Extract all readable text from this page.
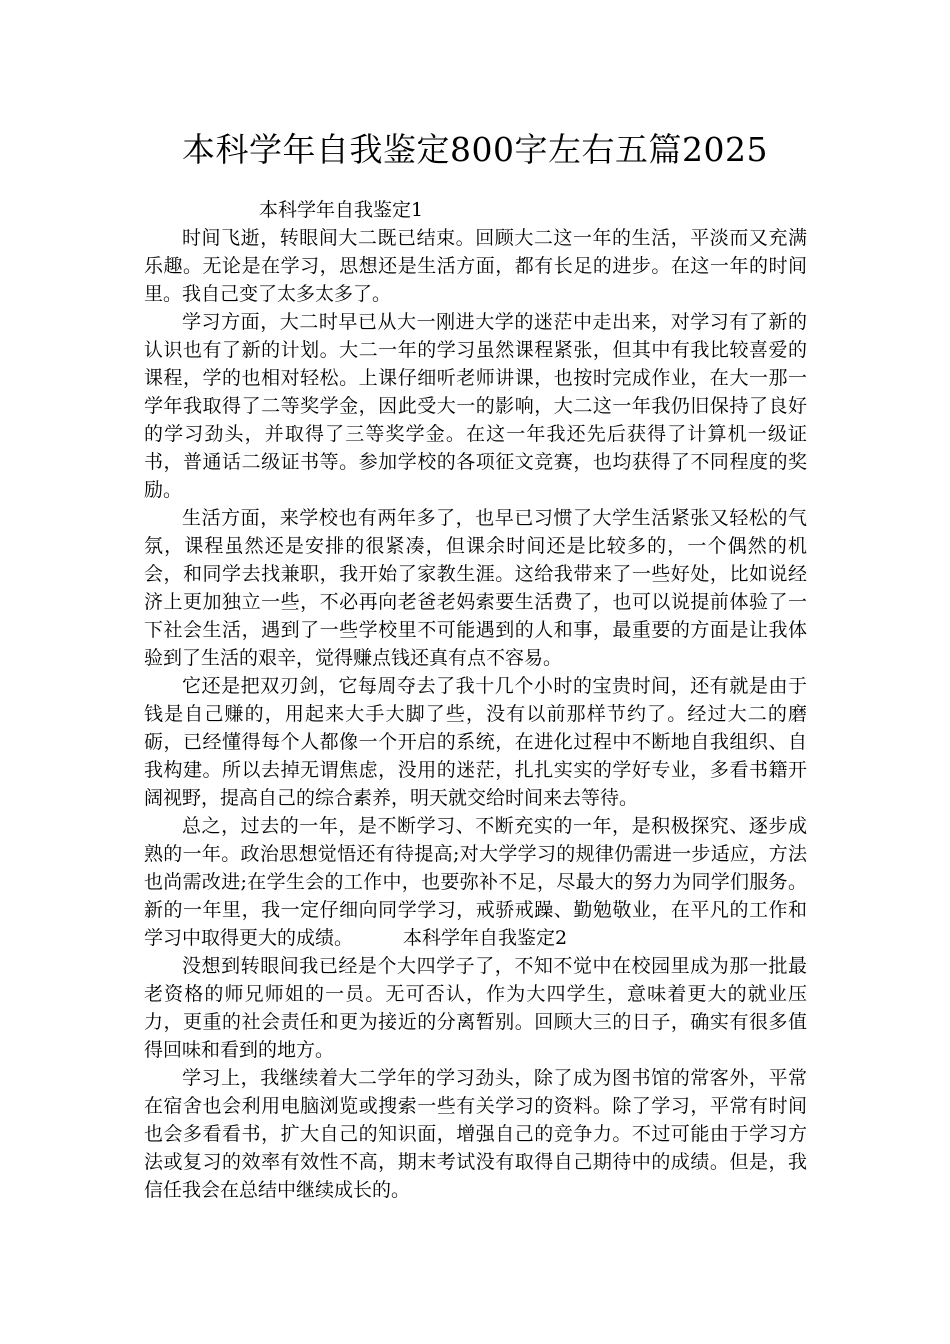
本科学年自我鉴定800字左右五篇2025

本科学年自我鉴定1

时间飞逝，转眼间大二既已结束。回顾大二这一年的生活，平淡而又充满乐趣。无论是在学习，思想还是生活方面，都有长足的进步。在这一年的时间里。我自己变了太多太多了。

学习方面，大二时早已从大一刚进大学的迷茫中走出来，对学习有了新的认识也有了新的计划。大二一年的学习虽然课程紧张，但其中有我比较喜爱的课程，学的也相对轻松。上课仔细听老师讲课，也按时完成作业，在大一那一学年我取得了二等奖学金，因此受大一的影响，大二这一年我仍旧保持了良好的学习劲头，并取得了三等奖学金。在这一年我还先后获得了计算机一级证书，普通话二级证书等。参加学校的各项征文竞赛，也均获得了不同程度的奖励。

生活方面，来学校也有两年多了，也早已习惯了大学生活紧张又轻松的气氛，课程虽然还是安排的很紧凑，但课余时间还是比较多的，一个偶然的机会，和同学去找兼职，我开始了家教生涯。这给我带来了一些好处，比如说经济上更加独立一些，不必再向老爸老妈索要生活费了，也可以说提前体验了一下社会生活，遇到了一些学校里不可能遇到的人和事，最重要的方面是让我体验到了生活的艰辛，觉得赚点钱还真有点不容易。

它还是把双刃剑，它每周夺去了我十几个小时的宝贵时间，还有就是由于钱是自己赚的，用起来大手大脚了些，没有以前那样节约了。经过大二的磨砺，已经懂得每个人都像一个开启的系统，在进化过程中不断地自我组织、自我构建。所以去掉无谓焦虑，没用的迷茫，扎扎实实的学好专业，多看书籍开阔视野，提高自己的综合素养，明天就交给时间来去等待。

总之，过去的一年，是不断学习、不断充实的一年，是积极探究、逐步成熟的一年。政治思想觉悟还有待提高;对大学学习的规律仍需进一步适应，方法也尚需改进;在学生会的工作中，也要弥补不足，尽最大的努力为同学们服务。新的一年里，我一定仔细向同学学习，戒骄戒躁、勤勉敬业，在平凡的工作和学习中取得更大的成绩。	本科学年自我鉴定2

没想到转眼间我已经是个大四学子了，不知不觉中在校园里成为那一批最老资格的师兄师姐的一员。无可否认，作为大四学生，意味着更大的就业压力，更重的社会责任和更为接近的分离暂别。回顾大三的日子，确实有很多值得回味和看到的地方。

学习上，我继续着大二学年的学习劲头，除了成为图书馆的常客外，平常在宿舍也会利用电脑浏览或搜索一些有关学习的资料。除了学习，平常有时间也会多看看书，扩大自己的知识面，增强自己的竞争力。不过可能由于学习方法或复习的效率有效性不高，期末考试没有取得自己期待中的成绩。但是，我信任我会在总结中继续成长的。
